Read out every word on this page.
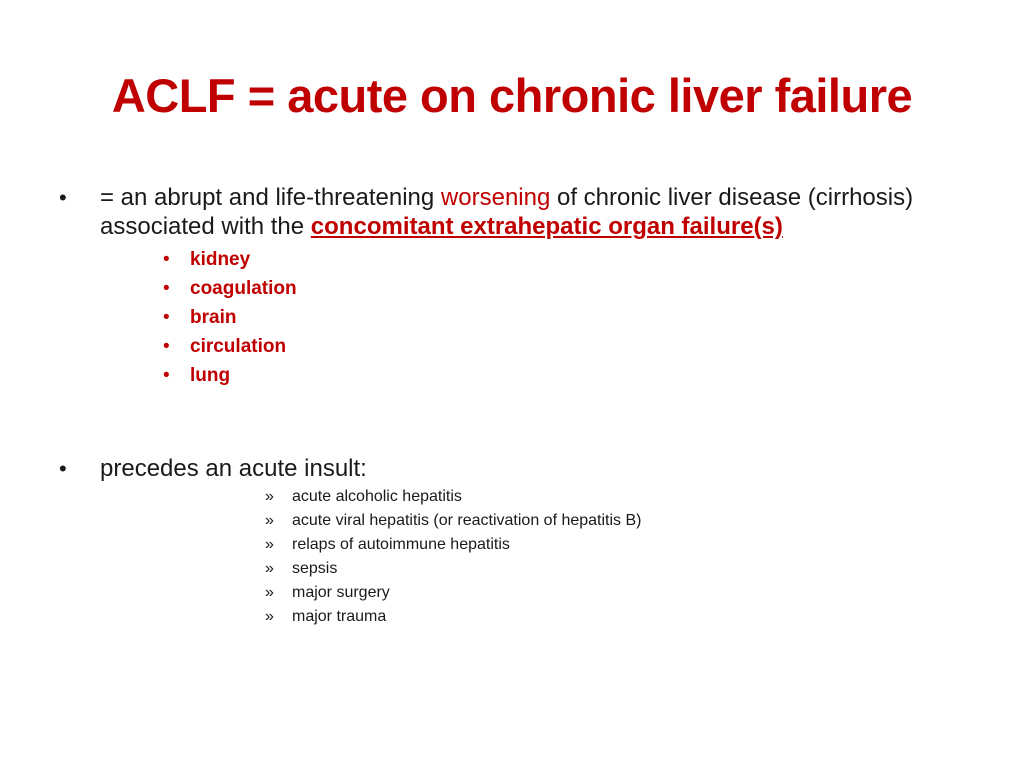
ACLF = acute on chronic liver failure
•	= an abrupt and life-threatening worsening of chronic liver disease (cirrhosis) associated with the concomitant extrahepatic organ failure(s)
• kidney
• coagulation
• brain
• circulation
• lung
•	precedes an acute insult:
» acute alcoholic hepatitis
» acute viral hepatitis (or reactivation of hepatitis B)
» relaps of autoimmune hepatitis
» sepsis
» major surgery
» major trauma
